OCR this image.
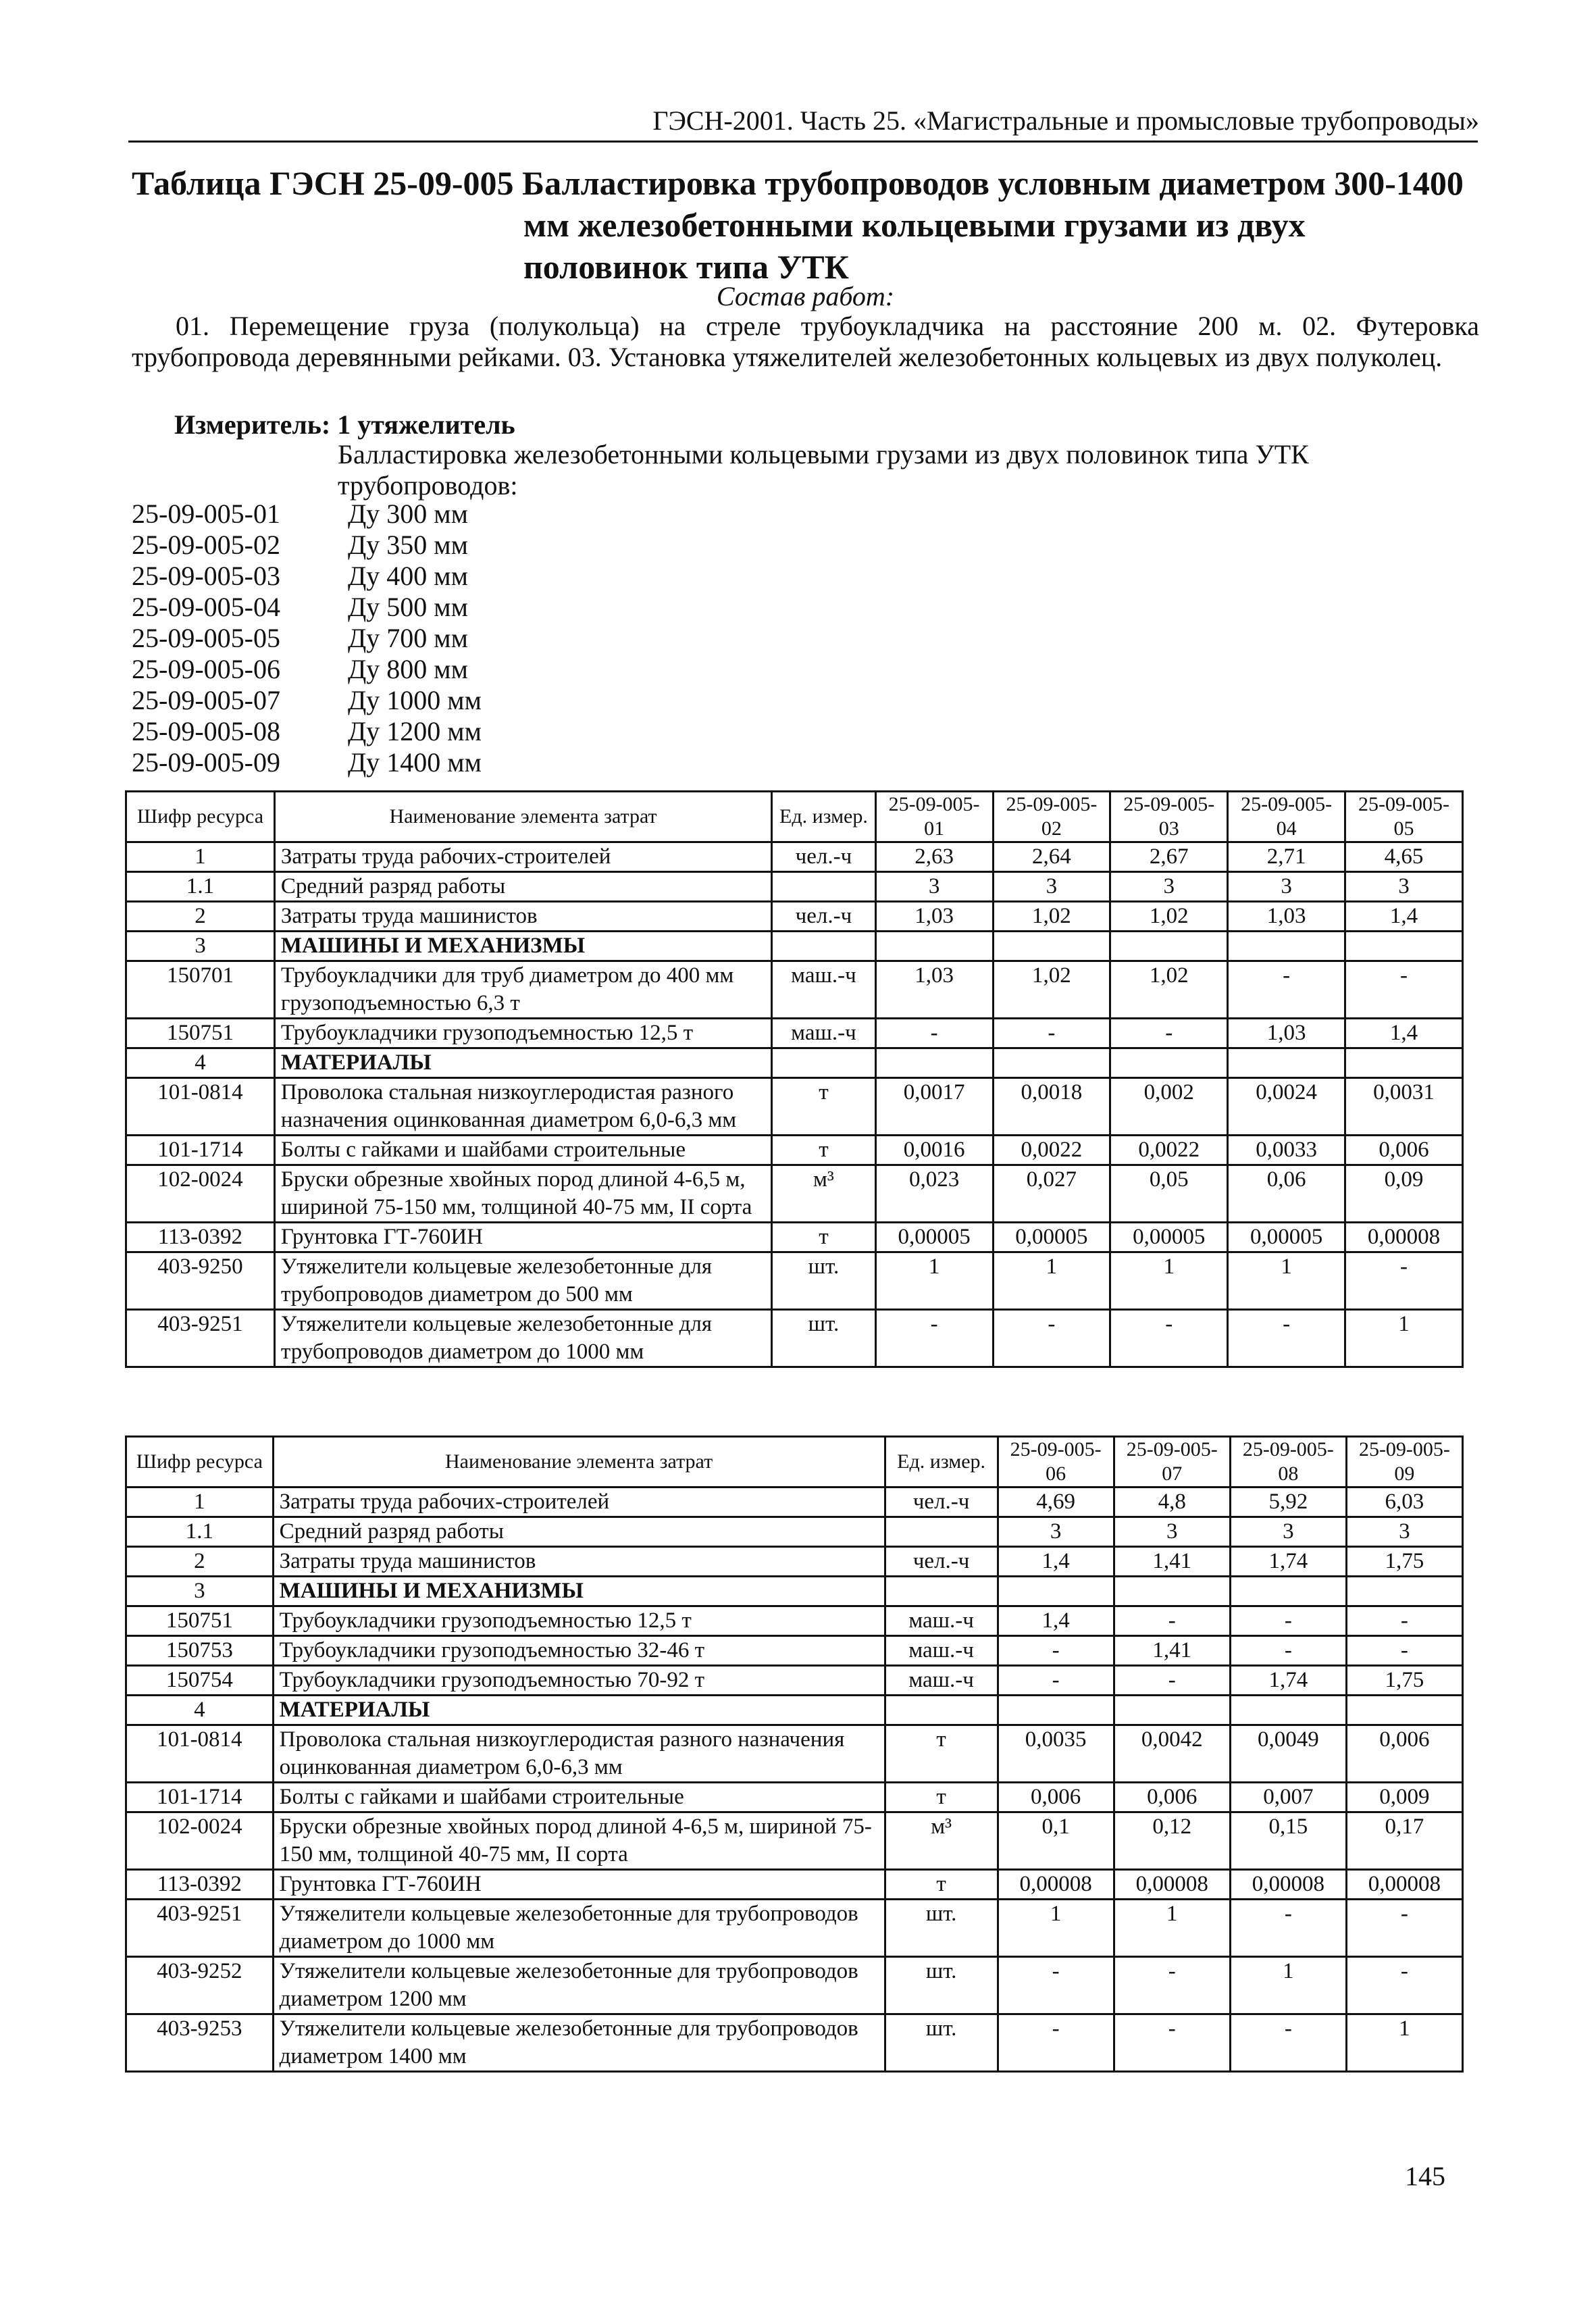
ГЭСН-2001. Часть 25. «Магистральные и промысловые трубопроводы»
Таблица ГЭСН 25-09-005 Балластировка трубопроводов условным диаметром 300-1400
мм железобетонными кольцевыми грузами из двух
половинок типа УТК
Состав работ:
01. Перемещение груза (полукольца) на стреле трубоукладчика на расстояние 200 м. 02. Футеровка трубопровода деревянными рейками. 03. Установка утяжелителей железобетонных кольцевых из двух полуколец.
Измеритель: 1 утяжелитель
Балластировка железобетонными кольцевыми грузами из двух половинок типа УТК трубопроводов:
25-09-005-01	Ду 300 мм
25-09-005-02	Ду 350 мм
25-09-005-03	Ду 400 мм
25-09-005-04	Ду 500 мм
25-09-005-05	Ду 700 мм
25-09-005-06	Ду 800 мм
25-09-005-07	Ду 1000 мм
25-09-005-08	Ду 1200 мм
25-09-005-09	Ду 1400 мм
Шифр ресурса	Наименование элемента затрат	Ед. измер.	25-09-005-01	25-09-005-02	25-09-005-03	25-09-005-04	25-09-005-05
1	Затраты труда рабочих-строителей	чел.-ч	2,63	2,64	2,67	2,71	4,65
1.1	Средний разряд работы		3	3	3	3	3
2	Затраты труда машинистов	чел.-ч	1,03	1,02	1,02	1,03	1,4
3	МАШИНЫ И МЕХАНИЗМЫ						
150701	Трубоукладчики для труб диаметром до 400 мм грузоподъемностью 6,3 т	маш.-ч	1,03	1,02	1,02	-	-
150751	Трубоукладчики грузоподъемностью 12,5 т	маш.-ч	-	-	-	1,03	1,4
4	МАТЕРИАЛЫ						
101-0814	Проволока стальная низкоуглеродистая разного назначения оцинкованная диаметром 6,0-6,3 мм	т	0,0017	0,0018	0,002	0,0024	0,0031
101-1714	Болты с гайками и шайбами строительные	т	0,0016	0,0022	0,0022	0,0033	0,006
102-0024	Бруски обрезные хвойных пород длиной 4-6,5 м, шириной 75-150 мм, толщиной 40-75 мм, II сорта	м³	0,023	0,027	0,05	0,06	0,09
113-0392	Грунтовка ГТ-760ИН	т	0,00005	0,00005	0,00005	0,00005	0,00008
403-9250	Утяжелители кольцевые железобетонные для трубопроводов диаметром до 500 мм	шт.	1	1	1	1	-
403-9251	Утяжелители кольцевые железобетонные для трубопроводов диаметром до 1000 мм	шт.	-	-	-	-	1
Шифр ресурса	Наименование элемента затрат	Ед. измер.	25-09-005-06	25-09-005-07	25-09-005-08	25-09-005-09
1	Затраты труда рабочих-строителей	чел.-ч	4,69	4,8	5,92	6,03
1.1	Средний разряд работы		3	3	3	3
2	Затраты труда машинистов	чел.-ч	1,4	1,41	1,74	1,75
3	МАШИНЫ И МЕХАНИЗМЫ					
150751	Трубоукладчики грузоподъемностью 12,5 т	маш.-ч	1,4	-	-	-
150753	Трубоукладчики грузоподъемностью 32-46 т	маш.-ч	-	1,41	-	-
150754	Трубоукладчики грузоподъемностью 70-92 т	маш.-ч	-	-	1,74	1,75
4	МАТЕРИАЛЫ					
101-0814	Проволока стальная низкоуглеродистая разного назначения оцинкованная диаметром 6,0-6,3 мм	т	0,0035	0,0042	0,0049	0,006
101-1714	Болты с гайками и шайбами строительные	т	0,006	0,006	0,007	0,009
102-0024	Бруски обрезные хвойных пород длиной 4-6,5 м, шириной 75-150 мм, толщиной 40-75 мм, II сорта	м³	0,1	0,12	0,15	0,17
113-0392	Грунтовка ГТ-760ИН	т	0,00008	0,00008	0,00008	0,00008
403-9251	Утяжелители кольцевые железобетонные для трубопроводов диаметром до 1000 мм	шт.	1	1	-	-
403-9252	Утяжелители кольцевые железобетонные для трубопроводов диаметром 1200 мм	шт.	-	-	1	-
403-9253	Утяжелители кольцевые железобетонные для трубопроводов диаметром 1400 мм	шт.	-	-	-	1
145
